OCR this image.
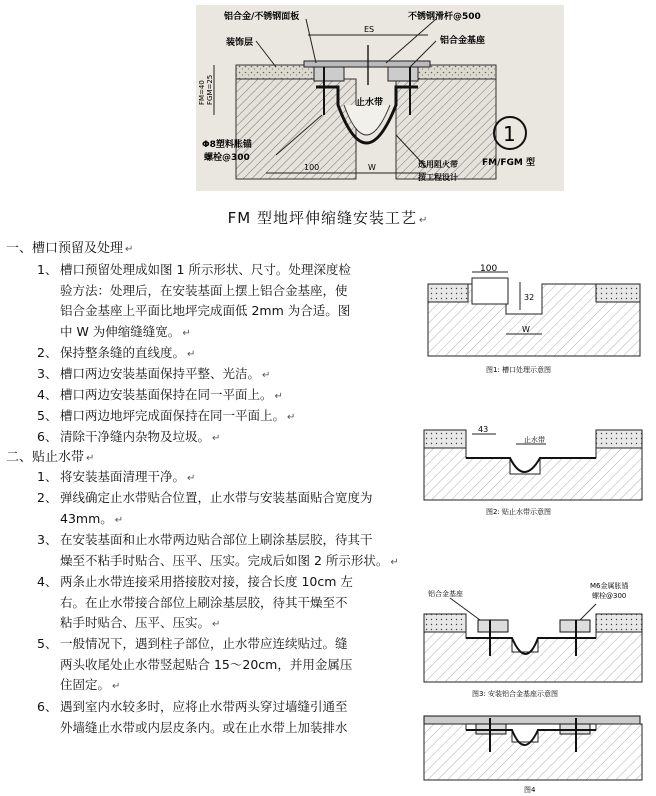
铝合金/不锈钢面板
装饰层
不锈钢滑杆@500
铝合金基座
ES
FM=40 FGM=25	止水带
Φ8塑料胀锚
螺栓@300
选用阻火带
按工程设计
100	W
1
FM/FGM 型
FM 型地坪伸缩缝安装工艺 ↵
一、槽口预留及处理 ↵
1、 槽口预留处理成如图 1 所示形状、尺寸。处理深度检
验方法：处理后，在安装基面上摆上铝合金基座，使
铝合金基座上平面比地坪完成面低 2mm 为合适。图
中 W 为伸缩缝缝宽。 ↵
2、 保持整条缝的直线度。 ↵
3、 槽口两边安装基面保持平整、光洁。 ↵
4、 槽口两边安装基面保持在同一平面上。 ↵
5、 槽口两边地坪完成面保持在同一平面上。 ↵
6、 清除干净缝内杂物及垃圾。 ↵
二、贴止水带 ↵
1、 将安装基面清理干净。 ↵
2、 弹线确定止水带贴合位置，止水带与安装基面贴合宽度为
43mm。 ↵
3、 在安装基面和止水带两边贴合部位上刷涂基层胶，待其干
燥至不粘手时贴合、压平、压实。完成后如图 2 所示形状。 ↵
4、 两条止水带连接采用搭接胶对接，接合长度 10cm 左
右。在止水带接合部位上刷涂基层胶，待其干燥至不
粘手时贴合、压平、压实。 ↵
5、 一般情况下，遇到柱子部位，止水带应连续贴过。缝
两头收尾处止水带竖起贴合 15～20cm，并用金属压
住固定。 ↵
6、 遇到室内水较多时，应将止水带两头穿过墙缝引通至
外墙缝止水带或内层皮条内。或在止水带上加装排水
100
32
W
图1: 槽口处理示意图
43
止水带
图2: 贴止水带示意图
铝合金基座
M6金属胀锚
螺栓@300
图3: 安装铝合金基座示意图
图4
